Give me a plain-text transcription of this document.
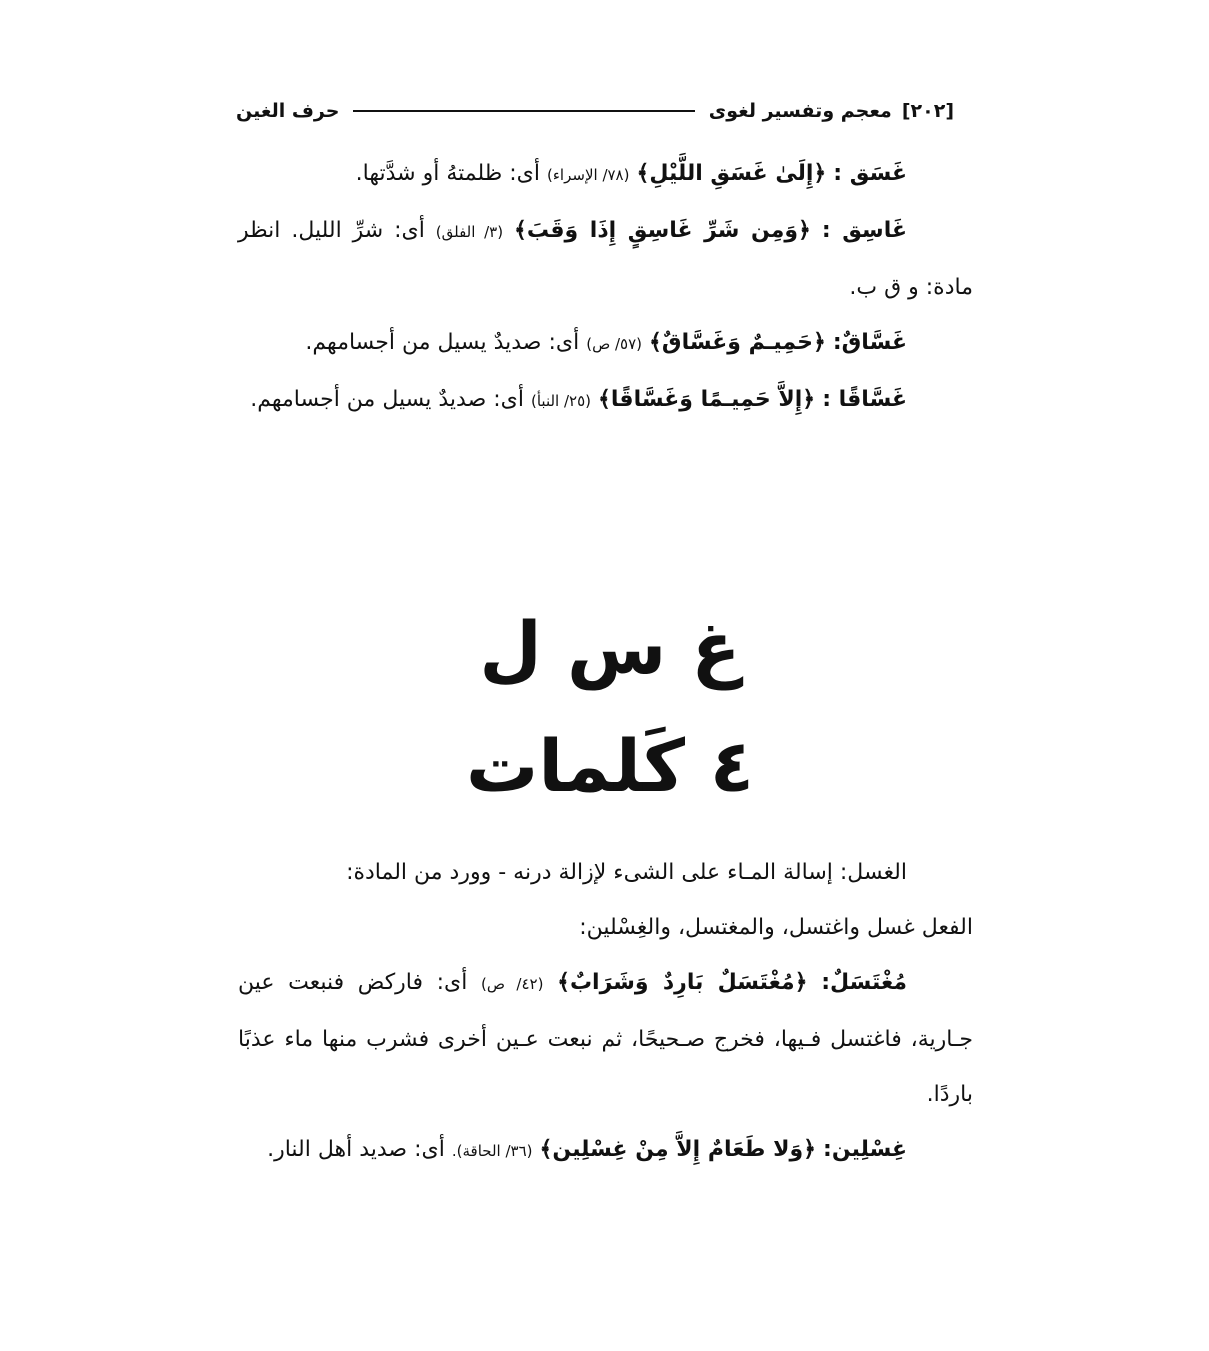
[٢٠٢]
معجم وتفسير لغوى
حرف الغين

غَسَق : ﴿إِلَىٰ غَسَقِ اللَّيْلِ﴾ (٧٨/ الإسراء) أى: ظلمتهُ أو شدَّتها.

غَاسِق : ﴿وَمِن شَرِّ غَاسِقٍ إِذَا وَقَبَ﴾ (٣/ الفلق) أى: شرِّ الليل. انظر مادة: و ق ب.

غَسَّاقٌ: ﴿حَمِيـمٌ وَغَسَّاقٌ﴾ (٥٧/ ص) أى: صديدٌ يسيل من أجسامهم.

غَسَّاقًا : ﴿إِلاَّ حَمِيـمًا وَغَسَّاقًا﴾ (٢٥/ النبأ) أى: صديدٌ يسيل من أجسامهم.

غ س ل
٤ كَلمات

الغسل: إسالة المـاء على الشىء لإزالة درنه - وورد من المادة:

الفعل غسل واغتسل، والمغتسل، والغِسْلين:

مُغْتَسَلٌ: ﴿مُغْتَسَلٌ بَارِدٌ وَشَرَابٌ﴾ (٤٢/ ص) أى: فاركض فنبعت عين جـارية، فاغتسل فـيها، فخرج صـحيحًا، ثم نبعت عـين أخرى فشرب منها ماء عذبًا باردًا.

غِسْلِين: ﴿وَلا طَعَامٌ إِلاَّ مِنْ غِسْلِين﴾ (٣٦/ الحاقة). أى: صديد أهل النار.
